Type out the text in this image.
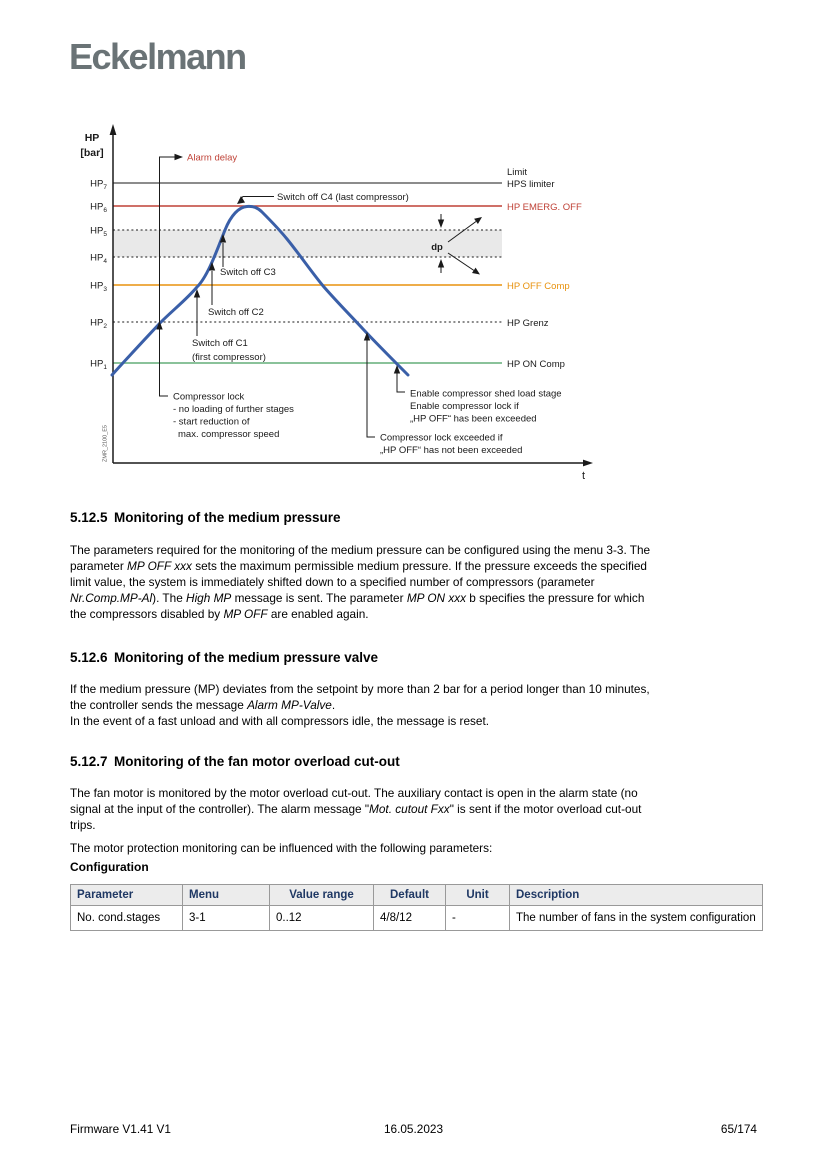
Eckelmann
HP
[bar]
t
$HP_7$
$HP_6$
$HP_5$
$HP_4$
$HP_3$
$HP_2$
$HP_1$
Limit
HPS limiter
HP EMERG. OFF
HP OFF Comp
HP Grenz
HP ON Comp
Alarm delay
Compressor lock
- no loading of further stages
- start reduction of
max. compressor speed
Switch off C1
(first compressor)
Switch off C2
Switch off C3
Switch off C4 (last compressor)
Enable compressor shed load stage
Enable compressor lock if
„HP OFF“ has been exceeded
Compressor lock exceeded if
„HP OFF“ has not been exceeded
dp
ZMR_2100_E5
5.12.5 Monitoring of the medium pressure
The parameters required for the monitoring of the medium pressure can be configured using the menu 3-3. The
parameter MP OFF xxx sets the maximum permissible medium pressure. If the pressure exceeds the specified
limit value, the system is immediately shifted down to a specified number of compressors (parameter
Nr.Comp.MP-Al). The High MP message is sent. The parameter MP ON xxx b specifies the pressure for which
the compressors disabled by MP OFF are enabled again.
5.12.6 Monitoring of the medium pressure valve
If the medium pressure (MP) deviates from the setpoint by more than 2 bar for a period longer than 10 minutes,
the controller sends the message Alarm MP-Valve.
In the event of a fast unload and with all compressors idle, the message is reset.
5.12.7 Monitoring of the fan motor overload cut-out
The fan motor is monitored by the motor overload cut-out. The auxiliary contact is open in the alarm state (no
signal at the input of the controller). The alarm message "Mot. cutout Fxx" is sent if the motor overload cut-out
trips.
The motor protection monitoring can be influenced with the following parameters:
Configuration
Parameter	Menu	Value range	Default	Unit	Description
No. cond.stages	3-1	0..12	4/8/12	-	The number of fans in the system configuration
Firmware V1.41 V1	16.05.2023	65/174
